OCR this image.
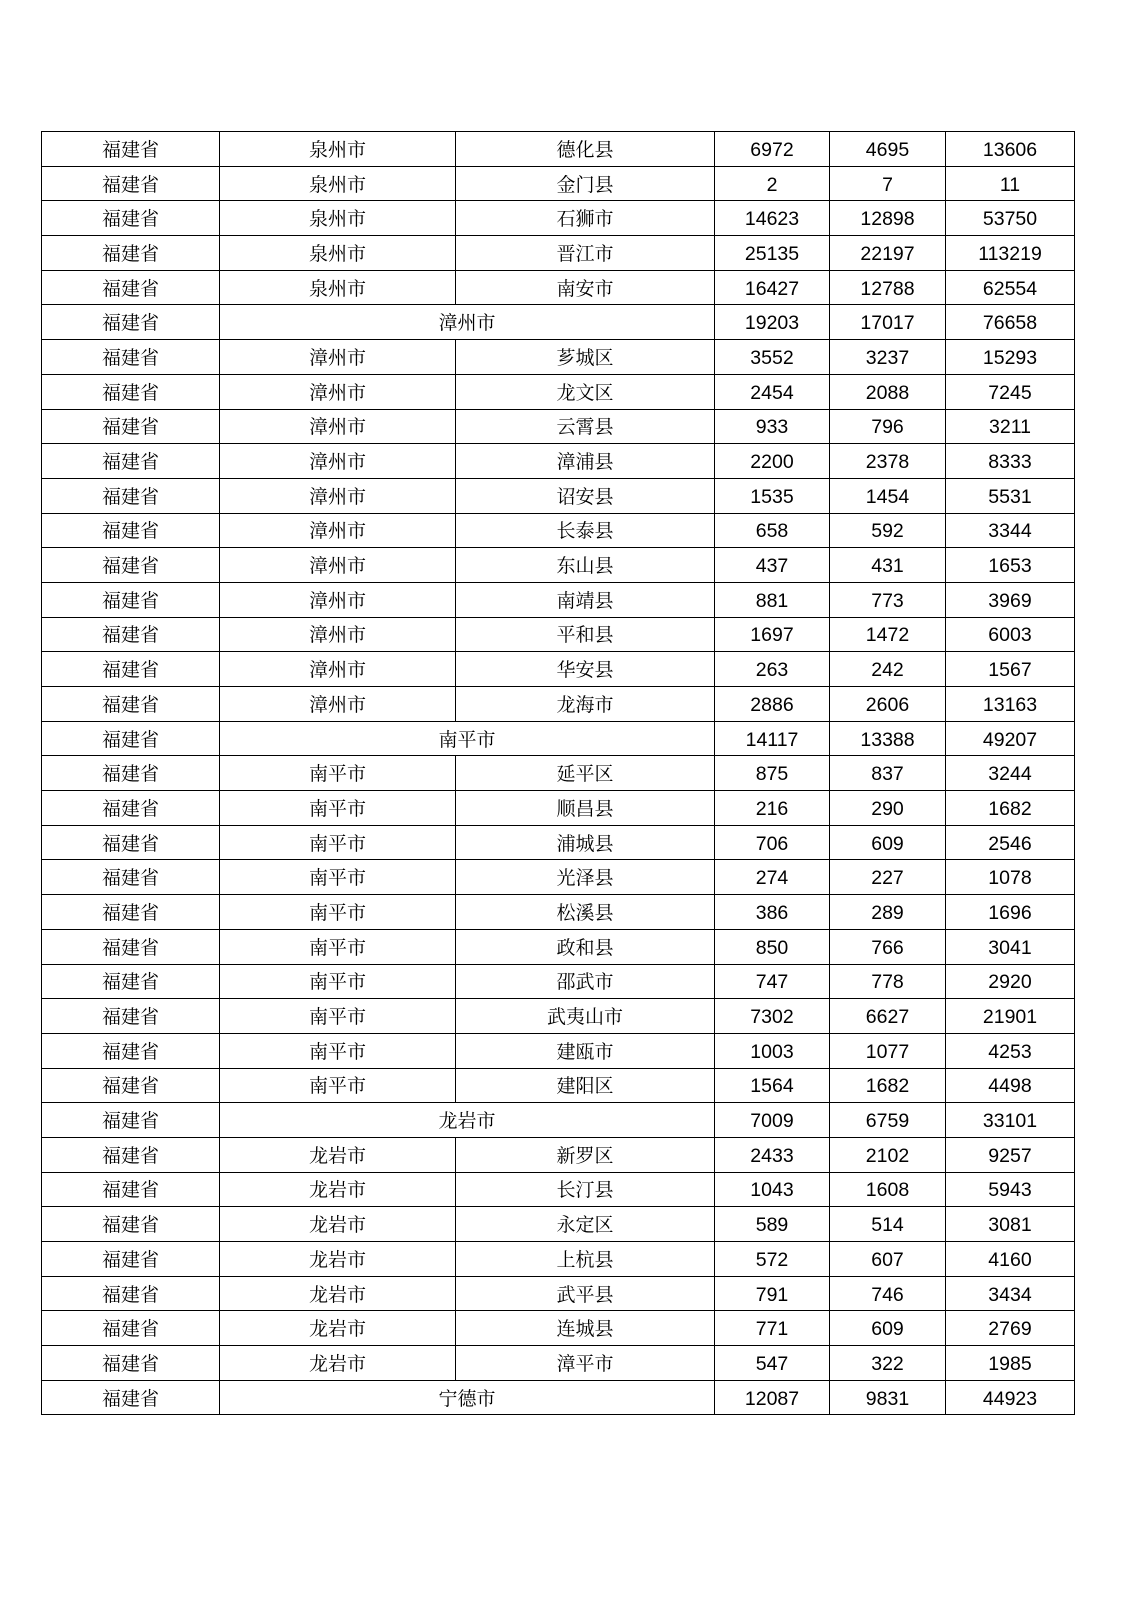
福建省	泉州市	德化县	6972	4695	13606
福建省	泉州市	金门县	2	7	11
福建省	泉州市	石狮市	14623	12898	53750
福建省	泉州市	晋江市	25135	22197	113219
福建省	泉州市	南安市	16427	12788	62554
福建省	漳州市		19203	17017	76658
福建省	漳州市	芗城区	3552	3237	15293
福建省	漳州市	龙文区	2454	2088	7245
福建省	漳州市	云霄县	933	796	3211
福建省	漳州市	漳浦县	2200	2378	8333
福建省	漳州市	诏安县	1535	1454	5531
福建省	漳州市	长泰县	658	592	3344
福建省	漳州市	东山县	437	431	1653
福建省	漳州市	南靖县	881	773	3969
福建省	漳州市	平和县	1697	1472	6003
福建省	漳州市	华安县	263	242	1567
福建省	漳州市	龙海市	2886	2606	13163
福建省	南平市		14117	13388	49207
福建省	南平市	延平区	875	837	3244
福建省	南平市	顺昌县	216	290	1682
福建省	南平市	浦城县	706	609	2546
福建省	南平市	光泽县	274	227	1078
福建省	南平市	松溪县	386	289	1696
福建省	南平市	政和县	850	766	3041
福建省	南平市	邵武市	747	778	2920
福建省	南平市	武夷山市	7302	6627	21901
福建省	南平市	建瓯市	1003	1077	4253
福建省	南平市	建阳区	1564	1682	4498
福建省	龙岩市		7009	6759	33101
福建省	龙岩市	新罗区	2433	2102	9257
福建省	龙岩市	长汀县	1043	1608	5943
福建省	龙岩市	永定区	589	514	3081
福建省	龙岩市	上杭县	572	607	4160
福建省	龙岩市	武平县	791	746	3434
福建省	龙岩市	连城县	771	609	2769
福建省	龙岩市	漳平市	547	322	1985
福建省	宁德市		12087	9831	44923
